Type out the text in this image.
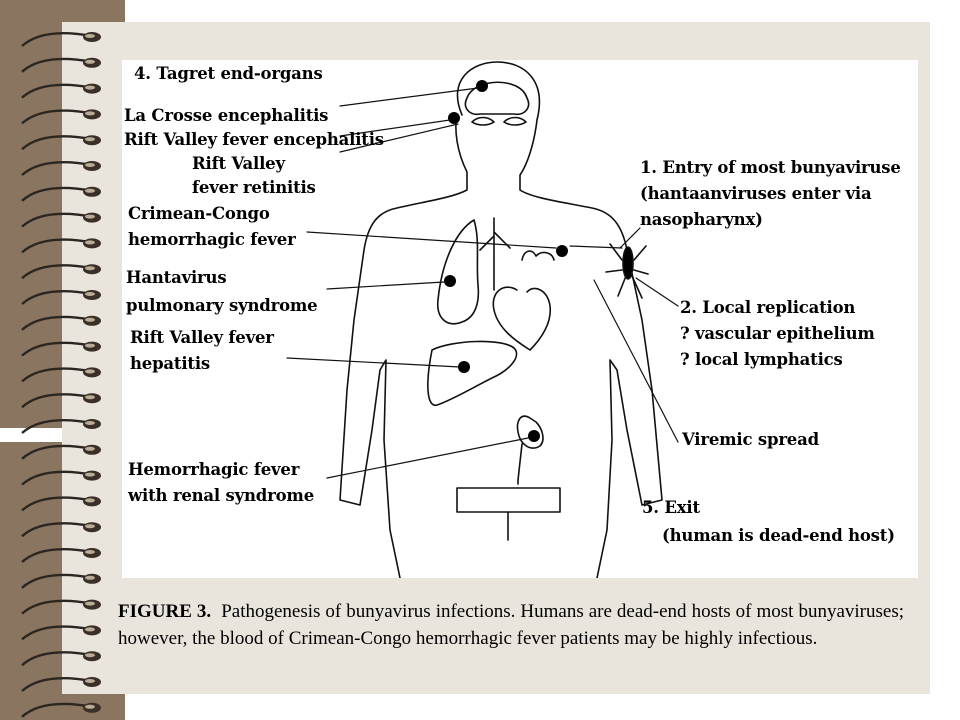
4. Tagret end-organs
La Crosse encephalitis
Rift Valley fever encephalitis
Rift Valley
fever retinitis
Crimean-Congo
hemorrhagic fever
Hantavirus
pulmonary syndrome
Rift Valley fever
hepatitis
Hemorrhagic fever
with renal syndrome
1. Entry of most bunyaviruse
(hantaanviruses enter via
nasopharynx)
2. Local replication
? vascular epithelium
? local lymphatics
Viremic spread
5. Exit
(human is dead-end host)
FIGURE 3. Pathogenesis of bunyavirus infections. Humans are dead-end hosts of most bunyaviruses; however, the blood of Crimean-Congo hemorrhagic fever patients may be highly infectious.
